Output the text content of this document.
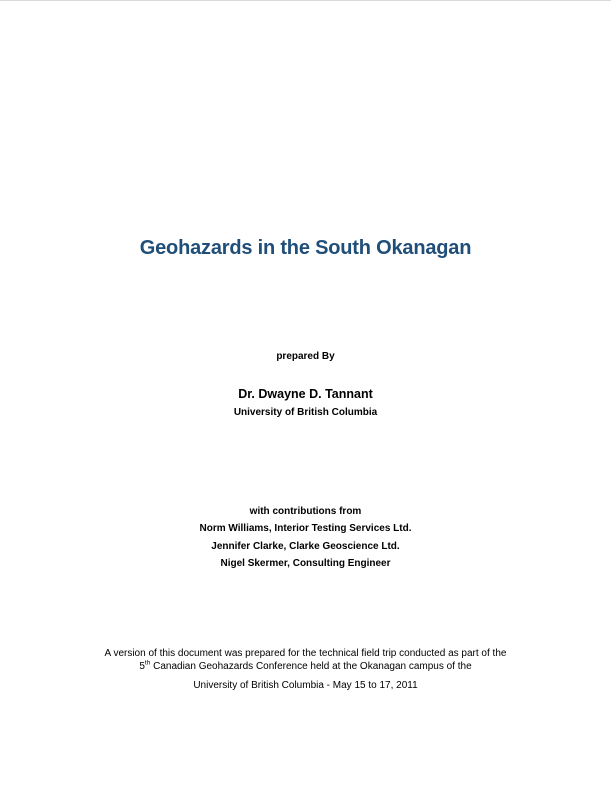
Geohazards in the South Okanagan
prepared By
Dr. Dwayne D. Tannant
University of British Columbia
with contributions from
Norm Williams, Interior Testing Services Ltd.
Jennifer Clarke, Clarke Geoscience Ltd.
Nigel Skermer, Consulting Engineer
A version of this document was prepared for the technical field trip conducted as part of the
5th Canadian Geohazards Conference held at the Okanagan campus of the
University of British Columbia - May 15 to 17, 2011
